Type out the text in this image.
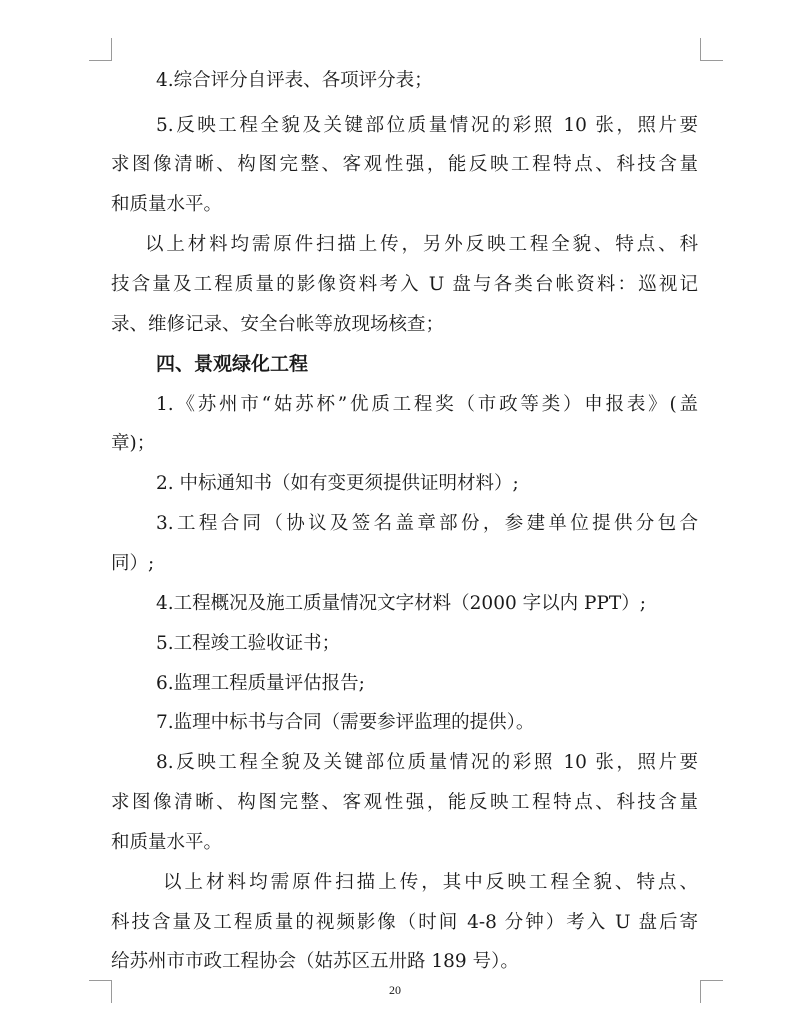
4.综合评分自评表、各项评分表；

5.反映工程全貌及关键部位质量情况的彩照 10 张，照片要

求图像清晰、构图完整、客观性强，能反映工程特点、科技含量

和质量水平。

以上材料均需原件扫描上传，另外反映工程全貌、特点、科

技含量及工程质量的影像资料考入 U 盘与各类台帐资料：巡视记

录、维修记录、安全台帐等放现场核查；

四、景观绿化工程

1.《苏州市“姑苏杯”优质工程奖（市政等类）申报表》(盖

章)；

2. 中标通知书（如有变更须提供证明材料）;

3.工程合同（协议及签名盖章部份，参建单位提供分包合

同）;

4.工程概况及施工质量情况文字材料（2000 字以内 PPT）;

5.工程竣工验收证书；

6.监理工程质量评估报告;

7.监理中标书与合同（需要参评监理的提供）。

8.反映工程全貌及关键部位质量情况的彩照 10 张，照片要

求图像清晰、构图完整、客观性强，能反映工程特点、科技含量

和质量水平。

以上材料均需原件扫描上传，其中反映工程全貌、特点、

科技含量及工程质量的视频影像（时间 4-8 分钟）考入 U 盘后寄

给苏州市市政工程协会（姑苏区五卅路 189 号）。

20
